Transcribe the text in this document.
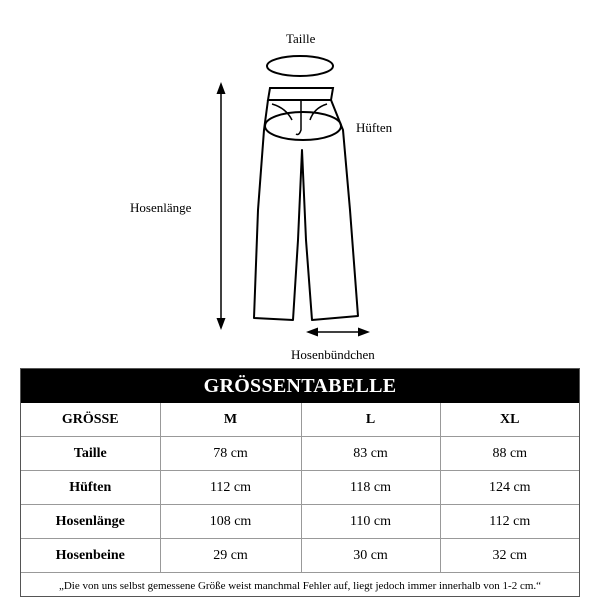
Taille
Hüften
Hosenlänge
Hosenbündchen
GRÖSSENTABELLE
GRÖSSE	M	L	XL
Taille	78 cm	83 cm	88 cm
Hüften	112 cm	118 cm	124 cm
Hosenlänge	108 cm	110 cm	112 cm
Hosenbeine	29 cm	30 cm	32 cm
„Die von uns selbst gemessene Größe weist manchmal Fehler auf, liegt jedoch immer innerhalb von 1-2 cm.“
